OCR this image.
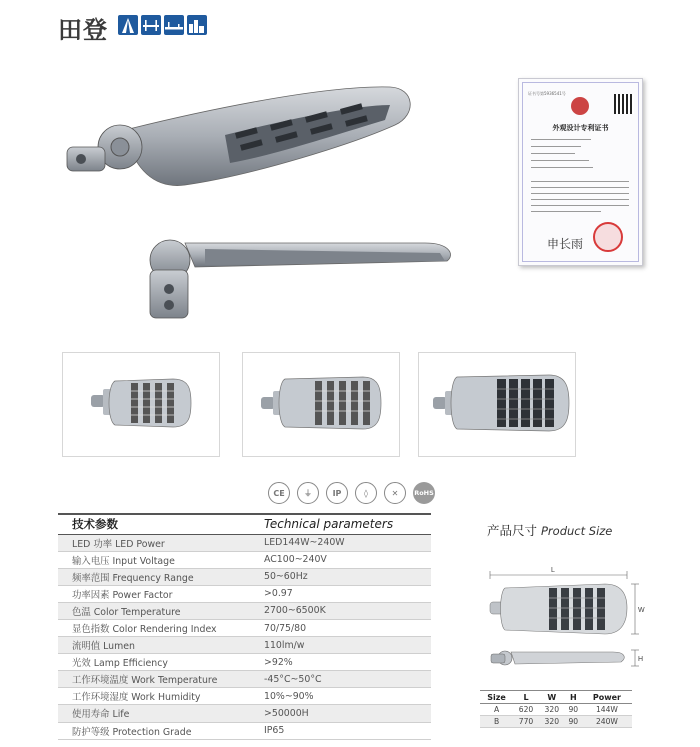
田登
证书号第5936541号
外观设计专利证书
申长雨
CE	⏚	IP	◊	✕	RoHS
技术参数	Technical parameters
LED 功率 LED Power	LED144W~240W
输入电压 Input Voltage	AC100~240V
频率范围 Frequency Range	50~60Hz
功率因素 Power Factor	>0.97
色温 Color Temperature	2700~6500K
显色指数 Color Rendering Index	70/75/80
流明值 Lumen	110lm/w
光效 Lamp Efficiency	>92%
工作环境温度 Work Temperature	-45°C~50°C
工作环境湿度 Work Humidity	10%~90%
使用寿命 Life	>50000H
防护等级 Protection Grade	IP65
产品尺寸 Product Size
L
W
H
Size	L	W	H	Power
A	620	320	90	144W
B	770	320	90	240W
